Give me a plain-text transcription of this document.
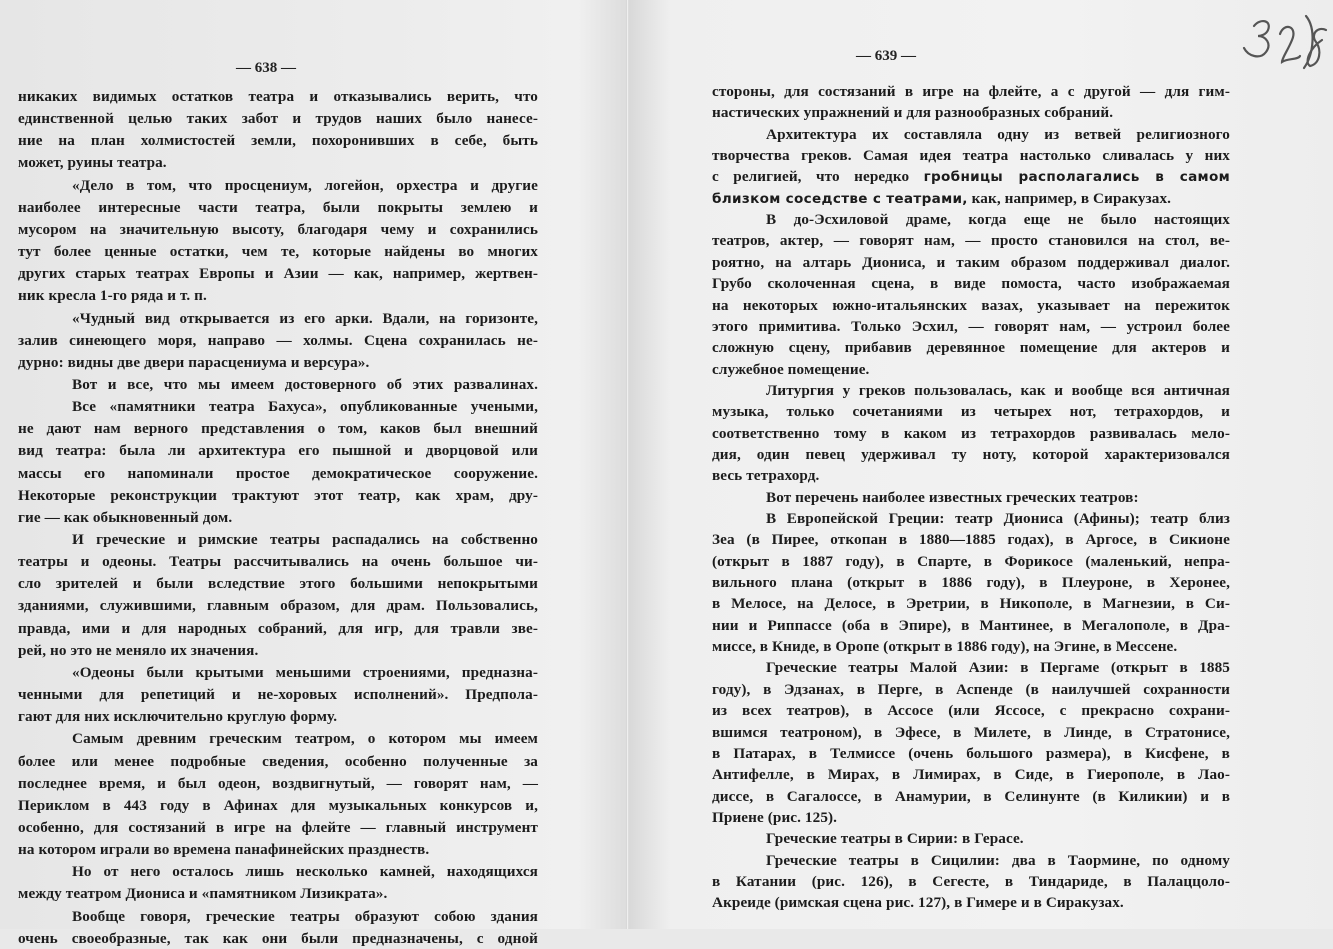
— 638 —
никаких видимых остатков театра и отказывались верить, что
единственной целью таких забот и трудов наших было нанесе-
ние на план холмистостей земли, похоронивших в себе, быть
может, руины театра.
«Дело в том, что просцениум, логейон, орхестра и другие
наиболее интересные части театра, были покрыты землею и
мусором на значительную высоту, благодаря чему и сохранились
тут более ценные остатки, чем те, которые найдены во многих
других старых театрах Европы и Азии — как, например, жертвен-
ник кресла 1-го ряда и т. п.
«Чудный вид открывается из его арки. Вдали, на горизонте,
залив синеющего моря, направо — холмы. Сцена сохранилась не-
дурно: видны две двери парасцениума и версура».
Вот и все, что мы имеем достоверного об этих развалинах.
Все «памятники театра Бахуса», опубликованные учеными,
не дают нам верного представления о том, каков был внешний
вид театра: была ли архитектура его пышной и дворцовой или
массы его напоминали простое демократическое сооружение.
Некоторые реконструкции трактуют этот театр, как храм, дру-
гие — как обыкновенный дом.
И греческие и римские театры распадались на собственно
театры и одеоны. Театры рассчитывались на очень большое чи-
сло зрителей и были вследствие этого большими непокрытыми
зданиями, служившими, главным образом, для драм. Пользовались,
правда, ими и для народных собраний, для игр, для травли зве-
рей, но это не меняло их значения.
«Одеоны были крытыми меньшими строениями, предназна-
ченными для репетиций и не-хоровых исполнений». Предпола-
гают для них исключительно круглую форму.
Самым древним греческим театром, о котором мы имеем
более или менее подробные сведения, особенно полученные за
последнее время, и был одеон, воздвигнутый, — говорят нам, —
Периклом в 443 году в Афинах для музыкальных конкурсов и,
особенно, для состязаний в игре на флейте — главный инструмент
на котором играли во времена панафинейских празднеств.
Но от него осталось лишь несколько камней, находящихся
между театром Диониса и «памятником Лизикрата».
Вообще говоря, греческие театры образуют собою здания
очень своеобразные, так как они были предназначены, с одной
— 639 —
стороны, для состязаний в игре на флейте, а с другой — для гим-
настических упражнений и для разнообразных собраний.
Архитектура их составляла одну из ветвей религиозного
творчества греков. Самая идея театра настолько сливалась у них
с религией, что нередко гробницы располагались в самом
близком соседстве с театрами, как, например, в Сиракузах.
В до-Эсхиловой драме, когда еще не было настоящих
театров, актер, — говорят нам, — просто становился на стол, ве-
роятно, на алтарь Диониса, и таким образом поддерживал диалог.
Грубо сколоченная сцена, в виде помоста, часто изображаемая
на некоторых южно-итальянских вазах, указывает на пережиток
этого примитива. Только Эсхил, — говорят нам, — устроил более
сложную сцену, прибавив деревянное помещение для актеров и
служебное помещение.
Литургия у греков пользовалась, как и вообще вся античная
музыка, только сочетаниями из четырех нот, тетрахордов, и
соответственно тому в каком из тетрахордов развивалась мело-
дия, один певец удерживал ту ноту, которой характеризовался
весь тетрахорд.
Вот перечень наиболее известных греческих театров:
В Европейской Греции: театр Диониса (Афины); театр близ
Зеа (в Пирее, откопан в 1880—1885 годах), в Аргосе, в Сикионе
(открыт в 1887 году), в Спарте, в Форикосе (маленький, непра-
вильного плана (открыт в 1886 году), в Плеуроне, в Херонее,
в Мелосе, на Делосе, в Эретрии, в Никополе, в Магнезии, в Си-
нии и Риппассе (оба в Эпире), в Мантинее, в Мегалополе, в Дра-
миссе, в Книде, в Оропе (открыт в 1886 году), на Эгине, в Мессене.
Греческие театры Малой Азии: в Пергаме (открыт в 1885
году), в Эдзанах, в Перге, в Аспенде (в наилучшей сохранности
из всех театров), в Ассосе (или Яссосе, с прекрасно сохрани-
вшимся театроном), в Эфесе, в Милете, в Линде, в Стратонисе,
в Патарах, в Телмиссе (очень большого размера), в Кисфене, в
Антифелле, в Мирах, в Лимирах, в Сиде, в Гиерополе, в Лао-
диссе, в Сагалоссе, в Анамурии, в Селинунте (в Киликии) и в
Приене (рис. 125).
Греческие театры в Сирии: в Герасе.
Греческие театры в Сицилии: два в Таормине, по одному
в Катании (рис. 126), в Сегесте, в Тиндариде, в Палаццоло-
Акреиде (римская сцена рис. 127), в Гимере и в Сиракузах.
